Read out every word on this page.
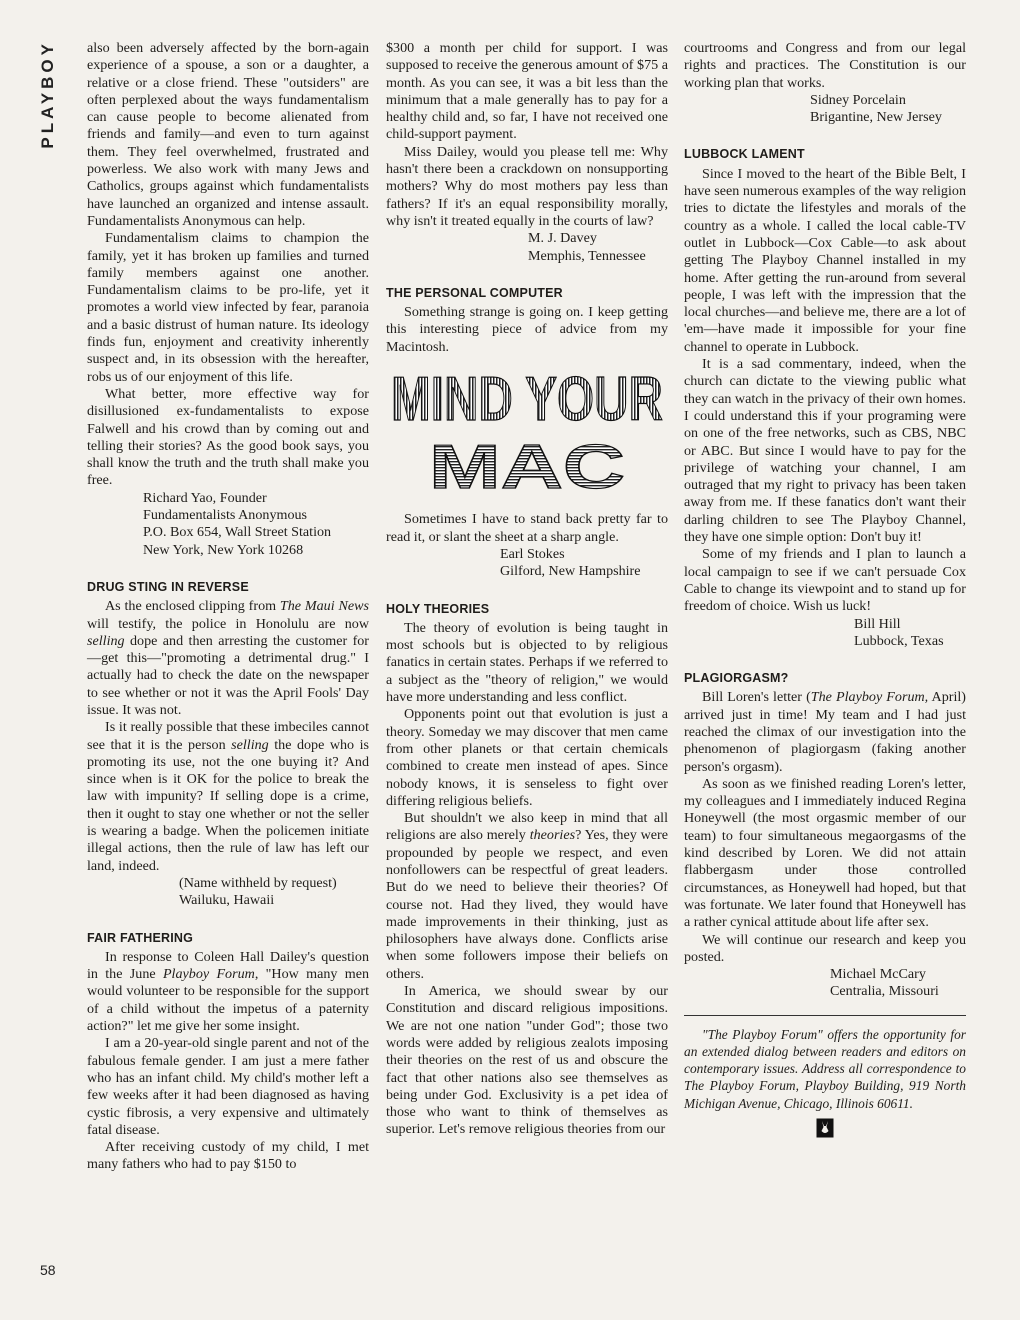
PLAYBOY
58

also been adversely affected by the born-again experience of a spouse, a son or a daughter, a relative or a close friend. These "outsiders" are often perplexed about the ways fundamentalism can cause people to become alienated from friends and family—and even to turn against them. They feel overwhelmed, frustrated and powerless. We also work with many Jews and Catholics, groups against which fundamentalists have launched an organized and intense assault. Fundamentalists Anonymous can help.

Fundamentalism claims to champion the family, yet it has broken up families and turned family members against one another. Fundamentalism claims to be pro-life, yet it promotes a world view infected by fear, paranoia and a basic distrust of human nature. Its ideology finds fun, enjoyment and creativity inherently suspect and, in its obsession with the hereafter, robs us of our enjoyment of this life.

What better, more effective way for disillusioned ex-fundamentalists to expose Falwell and his crowd than by coming out and telling their stories? As the good book says, you shall know the truth and the truth shall make you free.

Richard Yao, Founder
Fundamentalists Anonymous
P.O. Box 654, Wall Street Station
New York, New York 10268
DRUG STING IN REVERSE

As the enclosed clipping from The Maui News will testify, the police in Honolulu are now selling dope and then arresting the customer for—get this—"promoting a detrimental drug." I actually had to check the date on the newspaper to see whether or not it was the April Fools' Day issue. It was not.

Is it really possible that these imbeciles cannot see that it is the person selling the dope who is promoting its use, not the one buying it? And since when is it OK for the police to break the law with impunity? If selling dope is a crime, then it ought to stay one whether or not the seller is wearing a badge. When the policemen initiate illegal actions, then the rule of law has left our land, indeed.

(Name withheld by request)
Wailuku, Hawaii
FAIR FATHERING

In response to Coleen Hall Dailey's question in the June Playboy Forum, "How many men would volunteer to be responsible for the support of a child without the impetus of a paternity action?" let me give her some insight.

I am a 20-year-old single parent and not of the fabulous female gender. I am just a mere father who has an infant child. My child's mother left a few weeks after it had been diagnosed as having cystic fibrosis, a very expensive and ultimately fatal disease.

After receiving custody of my child, I met many fathers who had to pay $150 to

$300 a month per child for support. I was supposed to receive the generous amount of $75 a month. As you can see, it was a bit less than the minimum that a male generally has to pay for a healthy child and, so far, I have not received one child-support payment.

Miss Dailey, would you please tell me: Why hasn't there been a crackdown on nonsupporting mothers? Why do most mothers pay less than fathers? If it's an equal responsibility morally, why isn't it treated equally in the courts of law?

M. J. Davey
Memphis, Tennessee
THE PERSONAL COMPUTER

Something strange is going on. I keep getting this interesting piece of advice from my Macintosh.

MIND YOUR
MAC

Sometimes I have to stand back pretty far to read it, or slant the sheet at a sharp angle.

Earl Stokes
Gilford, New Hampshire
HOLY THEORIES

The theory of evolution is being taught in most schools but is objected to by religious fanatics in certain states. Perhaps if we referred to a subject as the "theory of religion," we would have more understanding and less conflict.

Opponents point out that evolution is just a theory. Someday we may discover that men came from other planets or that certain chemicals combined to create men instead of apes. Since nobody knows, it is senseless to fight over differing religious beliefs.

But shouldn't we also keep in mind that all religions are also merely theories? Yes, they were propounded by people we respect, and even nonfollowers can be respectful of great leaders. But do we need to believe their theories? Of course not. Had they lived, they would have made improvements in their thinking, just as philosophers have always done. Conflicts arise when some followers impose their beliefs on others.

In America, we should swear by our Constitution and discard religious impositions. We are not one nation "under God"; those two words were added by religious zealots imposing their theories on the rest of us and obscure the fact that other nations also see themselves as being under God. Exclusivity is a pet idea of those who want to think of themselves as superior. Let's remove religious theories from our

courtrooms and Congress and from our legal rights and practices. The Constitution is our working plan that works.

Sidney Porcelain
Brigantine, New Jersey
LUBBOCK LAMENT

Since I moved to the heart of the Bible Belt, I have seen numerous examples of the way religion tries to dictate the lifestyles and morals of the country as a whole. I called the local cable-TV outlet in Lubbock—Cox Cable—to ask about getting The Playboy Channel installed in my home. After getting the run-around from several people, I was left with the impression that the local churches—and believe me, there are a lot of 'em—have made it impossible for your fine channel to operate in Lubbock.

It is a sad commentary, indeed, when the church can dictate to the viewing public what they can watch in the privacy of their own homes. I could understand this if your programing were on one of the free networks, such as CBS, NBC or ABC. But since I would have to pay for the privilege of watching your channel, I am outraged that my right to privacy has been taken away from me. If these fanatics don't want their darling children to see The Playboy Channel, they have one simple option: Don't buy it!

Some of my friends and I plan to launch a local campaign to see if we can't persuade Cox Cable to change its viewpoint and to stand up for freedom of choice. Wish us luck!

Bill Hill
Lubbock, Texas
PLAGIORGASM?

Bill Loren's letter (The Playboy Forum, April) arrived just in time! My team and I had just reached the climax of our investigation into the phenomenon of plagiorgasm (faking another person's orgasm).

As soon as we finished reading Loren's letter, my colleagues and I immediately induced Regina Honeywell (the most orgasmic member of our team) to four simultaneous megaorgasms of the kind described by Loren. We did not attain flabbergasm under those controlled circumstances, as Honeywell had hoped, but that was fortunate. We later found that Honeywell has a rather cynical attitude about life after sex.

We will continue our research and keep you posted.

Michael McCary
Centralia, Missouri

"The Playboy Forum" offers the opportunity for an extended dialog between readers and editors on contemporary issues. Address all correspondence to The Playboy Forum, Playboy Building, 919 North Michigan Avenue, Chicago, Illinois 60611.
